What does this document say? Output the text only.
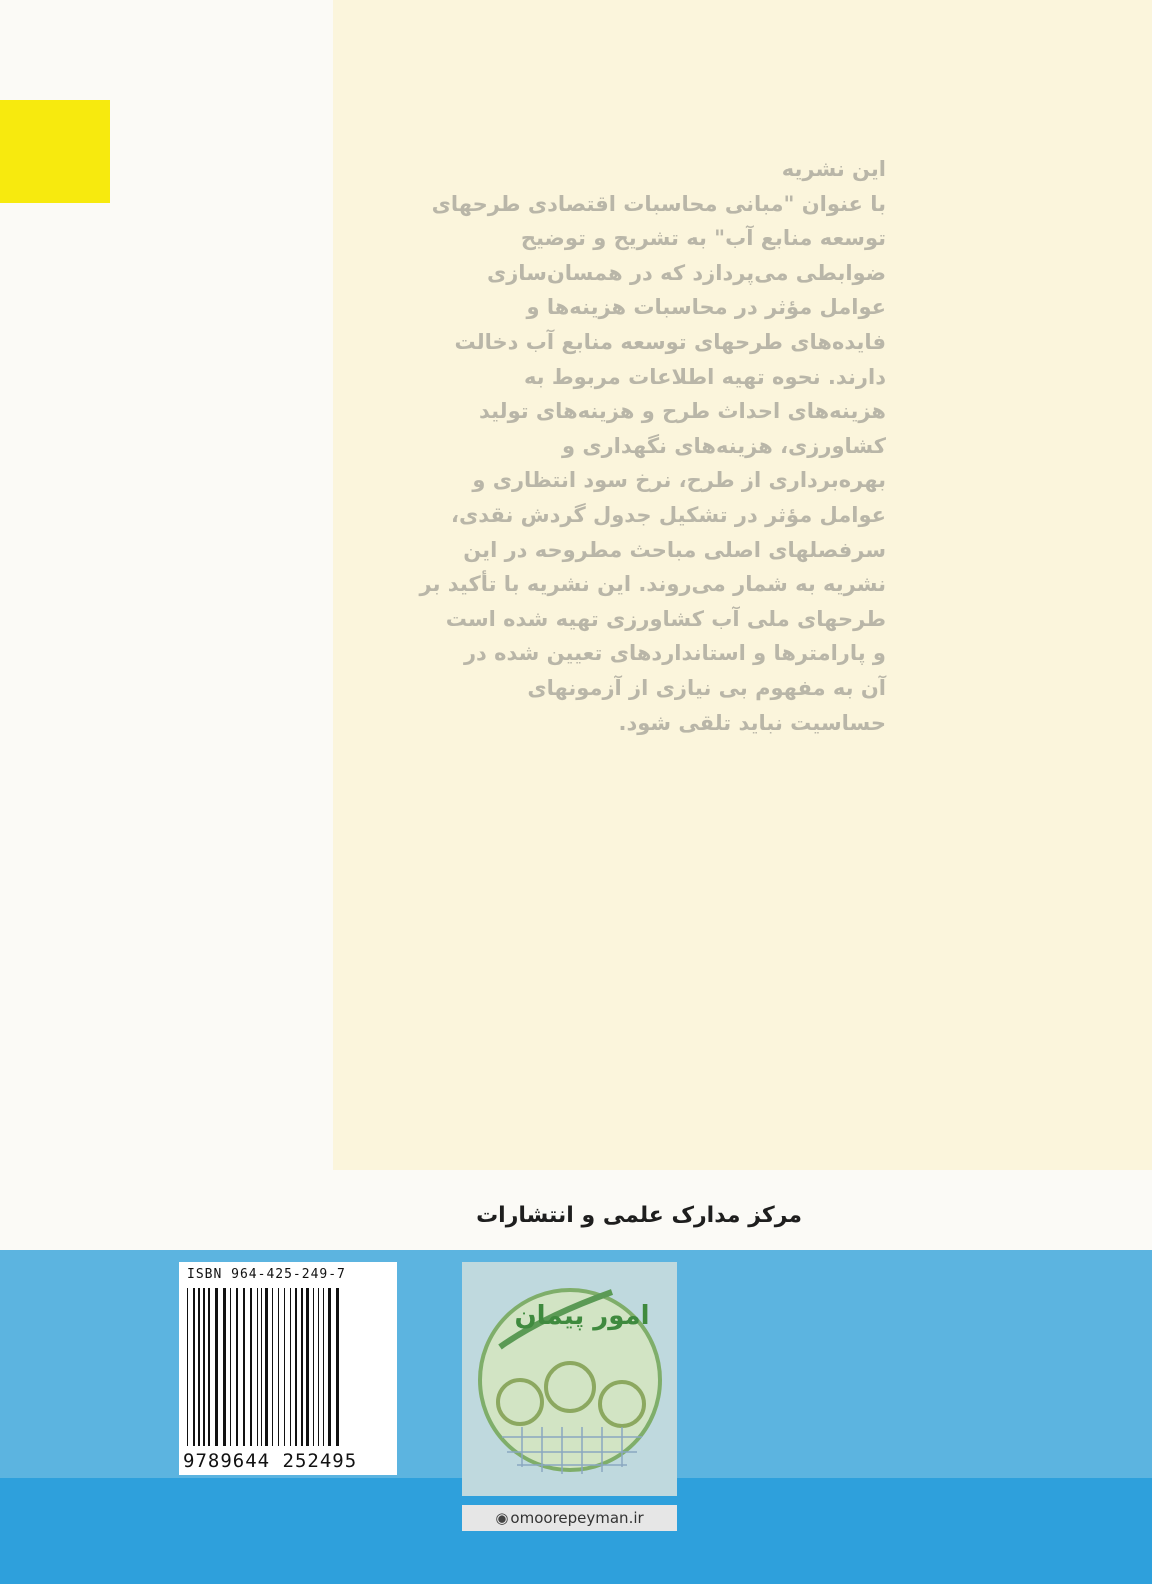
این نشریه
با عنوان "مبانی محاسبات اقتصادی طرحهای
توسعه منابع آب" به تشریح و توضیح
ضوابطی می‌پردازد که در همسان‌سازی
عوامل مؤثر در محاسبات هزینه‌ها و
فایده‌های طرحهای توسعه منابع آب دخالت
دارند. نحوه تهیه اطلاعات مربوط به
هزینه‌های احداث طرح و هزینه‌های تولید
کشاورزی، هزینه‌های نگهداری و
بهره‌برداری از طرح، نرخ سود انتظاری و
عوامل مؤثر در تشکیل جدول گردش نقدی،
سرفصلهای اصلی مباحث مطروحه در این
نشریه به شمار می‌روند. این نشریه با تأکید بر
طرحهای ملی آب کشاورزی تهیه شده است
و پارامترها و استانداردهای تعیین شده در
آن به مفهوم بی نیازی از آزمونهای
حساسیت نباید تلقی شود.

مرکز مدارک علمی و انتشارات
ISBN 964-425-249-7
9789644 252495
امور پیمان
◉ omoorepeyman.ir
